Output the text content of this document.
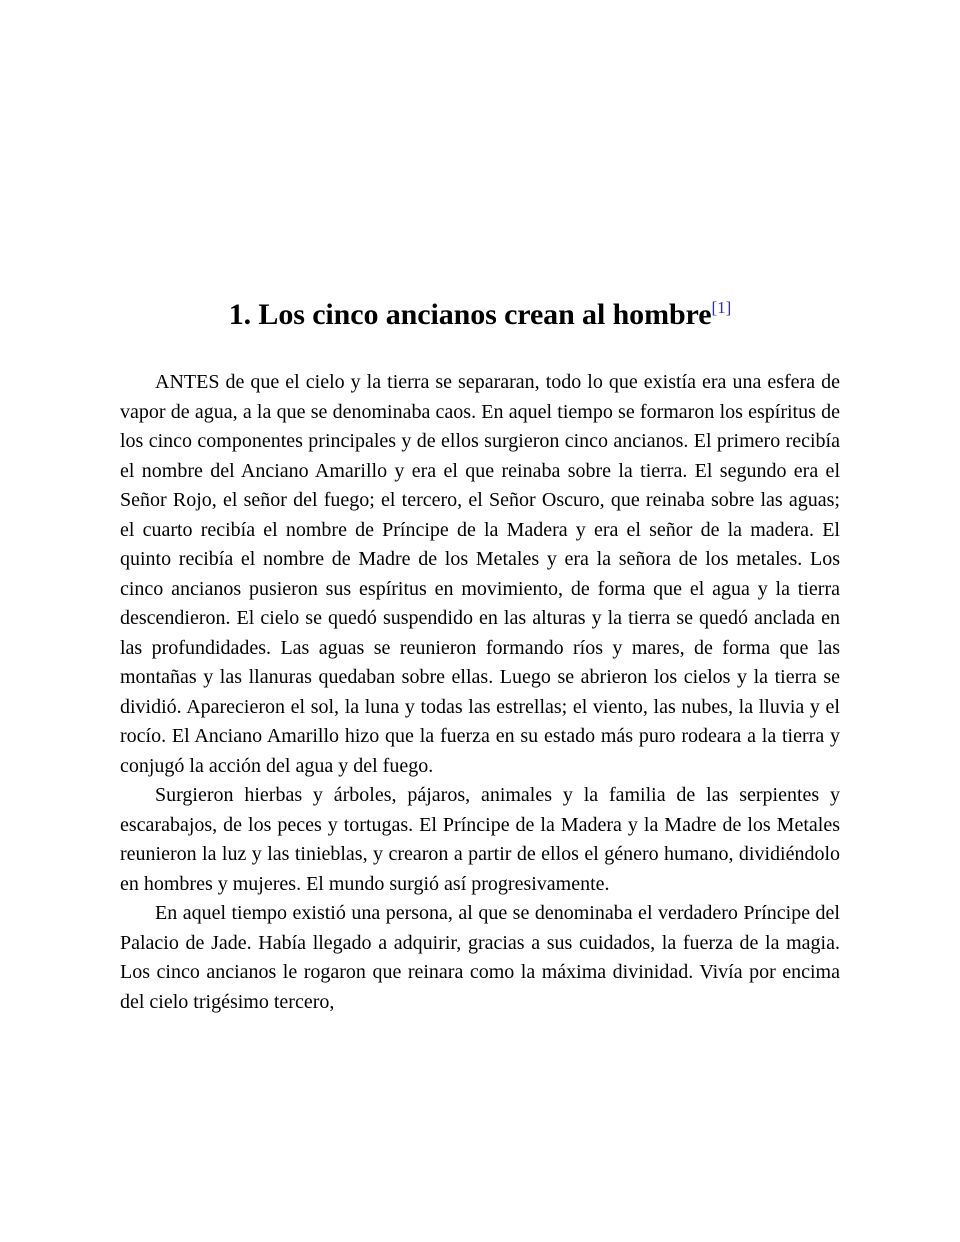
1. Los cinco ancianos crean al hombre[1]

ANTES de que el cielo y la tierra se separaran, todo lo que existía era una esfera de vapor de agua, a la que se denominaba caos. En aquel tiempo se formaron los espíritus de los cinco componentes principales y de ellos surgieron cinco ancianos. El primero recibía el nombre del Anciano Amarillo y era el que reinaba sobre la tierra. El segundo era el Señor Rojo, el señor del fuego; el tercero, el Señor Oscuro, que reinaba sobre las aguas; el cuarto recibía el nombre de Príncipe de la Madera y era el señor de la madera. El quinto recibía el nombre de Madre de los Metales y era la señora de los metales. Los cinco ancianos pusieron sus espíritus en movimiento, de forma que el agua y la tierra descendieron. El cielo se quedó suspendido en las alturas y la tierra se quedó anclada en las profundidades. Las aguas se reunieron formando ríos y mares, de forma que las montañas y las llanuras quedaban sobre ellas. Luego se abrieron los cielos y la tierra se dividió. Aparecieron el sol, la luna y todas las estrellas; el viento, las nubes, la lluvia y el rocío. El Anciano Amarillo hizo que la fuerza en su estado más puro rodeara a la tierra y conjugó la acción del agua y del fuego.

Surgieron hierbas y árboles, pájaros, animales y la familia de las serpientes y escarabajos, de los peces y tortugas. El Príncipe de la Madera y la Madre de los Metales reunieron la luz y las tinieblas, y crearon a partir de ellos el género humano, dividiéndolo en hombres y mujeres. El mundo surgió así progresivamente.

En aquel tiempo existió una persona, al que se denominaba el verdadero Príncipe del Palacio de Jade. Había llegado a adquirir, gracias a sus cuidados, la fuerza de la magia. Los cinco ancianos le rogaron que reinara como la máxima divinidad. Vivía por encima del cielo trigésimo tercero,
